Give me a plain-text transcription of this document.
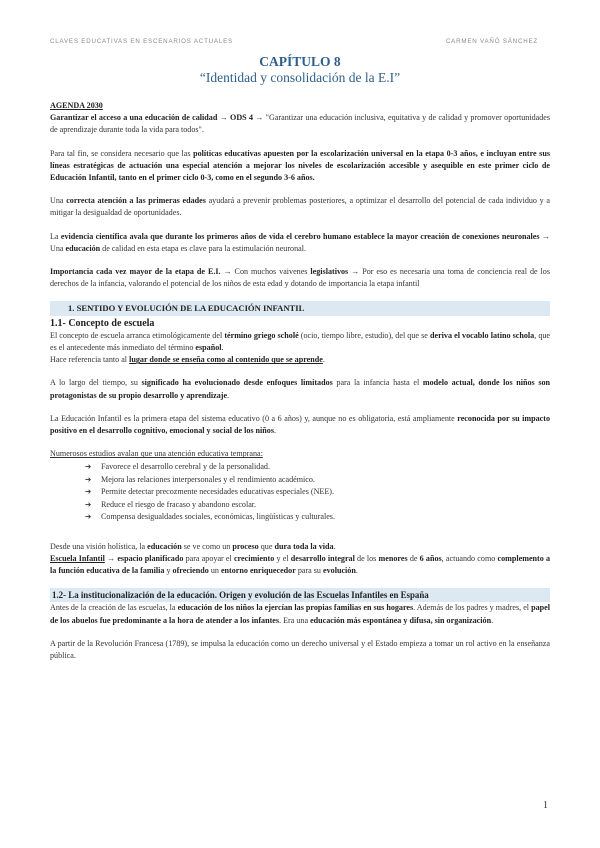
CLAVES EDUCATIVAS EN ESCENARIOS ACTUALES	CARMEN VAÑÓ SÁNCHEZ
CAPÍTULO 8
“Identidad y consolidación de la E.I”

AGENDA 2030

Garantizar el acceso a una educación de calidad → ODS 4 → "Garantizar una educación inclusiva, equitativa y de calidad y promover oportunidades de aprendizaje durante toda la vida para todos".

Para tal fin, se considera necesario que las políticas educativas apuesten por la escolarización universal en la etapa 0-3 años, e incluyan entre sus líneas estratégicas de actuación una especial atención a mejorar los niveles de escolarización accesible y asequible en este primer ciclo de Educación Infantil, tanto en el primer ciclo 0-3, como en el segundo 3-6 años.

Una correcta atención a las primeras edades ayudará a prevenir problemas posteriores, a optimizar el desarrollo del potencial de cada individuo y a mitigar la desigualdad de oportunidades.

La evidencia científica avala que durante los primeros años de vida el cerebro humano establece la mayor creación de conexiones neuronales → Una educación de calidad en esta etapa es clave para la estimulación neuronal.

Importancia cada vez mayor de la etapa de E.I. → Con muchos vaivenes legislativos → Por eso es necesaria una toma de conciencia real de los derechos de la infancia, valorando el potencial de los niños de esta edad y dotando de importancia la etapa infantil

1. SENTIDO Y EVOLUCIÓN DE LA EDUCACIÓN INFANTIL

1.1- Concepto de escuela

El concepto de escuela arranca etimológicamente del término griego scholé (ocio, tiempo libre, estudio), del que se deriva el vocablo latino schola, que es el antecedente más inmediato del término español.
Hace referencia tanto al lugar donde se enseña como al contenido que se aprende.

A lo largo del tiempo, su significado ha evolucionado desde enfoques limitados para la infancia hasta el modelo actual, donde los niños son protagonistas de su propio desarrollo y aprendizaje.

La Educación Infantil es la primera etapa del sistema educativo (0 a 6 años) y, aunque no es obligatoria, está ampliamente reconocida por su impacto positivo en el desarrollo cognitivo, emocional y social de los niños.

Numerosos estudios avalan que una atención educativa temprana:

➔	Favorece el desarrollo cerebral y de la personalidad.
➔	Mejora las relaciones interpersonales y el rendimiento académico.
➔	Permite detectar precozmente necesidades educativas especiales (NEE).
➔	Reduce el riesgo de fracaso y abandono escolar.
➔	Compensa desigualdades sociales, económicas, lingüísticas y culturales.

Desde una visión holística, la educación se ve como un proceso que dura toda la vida.

Escuela Infantil → espacio planificado para apoyar el crecimiento y el desarrollo integral de los menores de 6 años, actuando como complemento a la función educativa de la familia y ofreciendo un entorno enriquecedor para su evolución.

1.2- La institucionalización de la educación. Origen y evolución de las Escuelas Infantiles en España

Antes de la creación de las escuelas, la educación de los niños la ejercían las propias familias en sus hogares. Además de los padres y madres, el papel de los abuelos fue predominante a la hora de atender a los infantes. Era una educación más espontánea y difusa, sin organización.

A partir de la Revolución Francesa (1789), se impulsa la educación como un derecho universal y el Estado empieza a tomar un rol activo en la enseñanza pública.

1
